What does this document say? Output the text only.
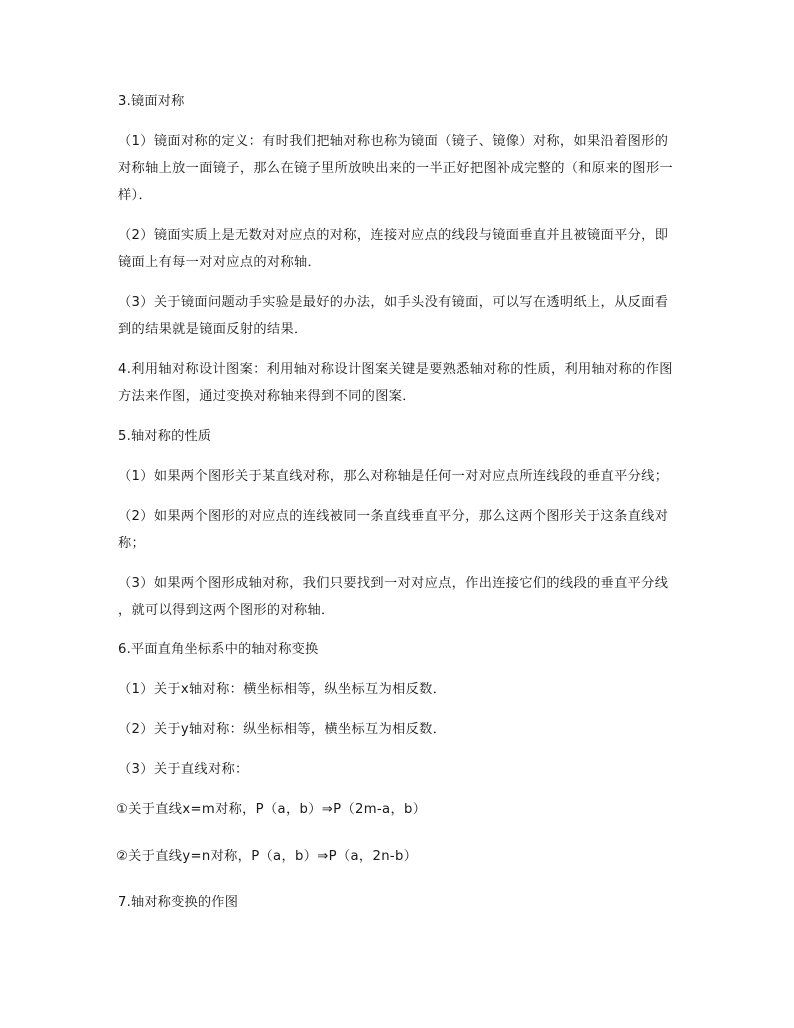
3.镜面对称
（1）镜面对称的定义：有时我们把轴对称也称为镜面（镜子、镜像）对称，如果沿着图形的
对称轴上放一面镜子，那么在镜子里所放映出来的一半正好把图补成完整的（和原来的图形一
样）．
（2）镜面实质上是无数对对应点的对称，连接对应点的线段与镜面垂直并且被镜面平分，即
镜面上有每一对对应点的对称轴．
（3）关于镜面问题动手实验是最好的办法，如手头没有镜面，可以写在透明纸上，从反面看
到的结果就是镜面反射的结果．
4.利用轴对称设计图案：利用轴对称设计图案关键是要熟悉轴对称的性质，利用轴对称的作图
方法来作图，通过变换对称轴来得到不同的图案．
5.轴对称的性质
（1）如果两个图形关于某直线对称，那么对称轴是任何一对对应点所连线段的垂直平分线；
（2）如果两个图形的对应点的连线被同一条直线垂直平分，那么这两个图形关于这条直线对
称；
（3）如果两个图形成轴对称，我们只要找到一对对应点，作出连接它们的线段的垂直平分线
，就可以得到这两个图形的对称轴．
6.平面直角坐标系中的轴对称变换
（1）关于x轴对称：横坐标相等，纵坐标互为相反数．
（2）关于y轴对称：纵坐标相等，横坐标互为相反数．
（3）关于直线对称：
①关于直线x=m对称，P（a，b）⇒P（2m-a，b）
②关于直线y=n对称，P（a，b）⇒P（a，2n-b）
7.轴对称变换的作图
